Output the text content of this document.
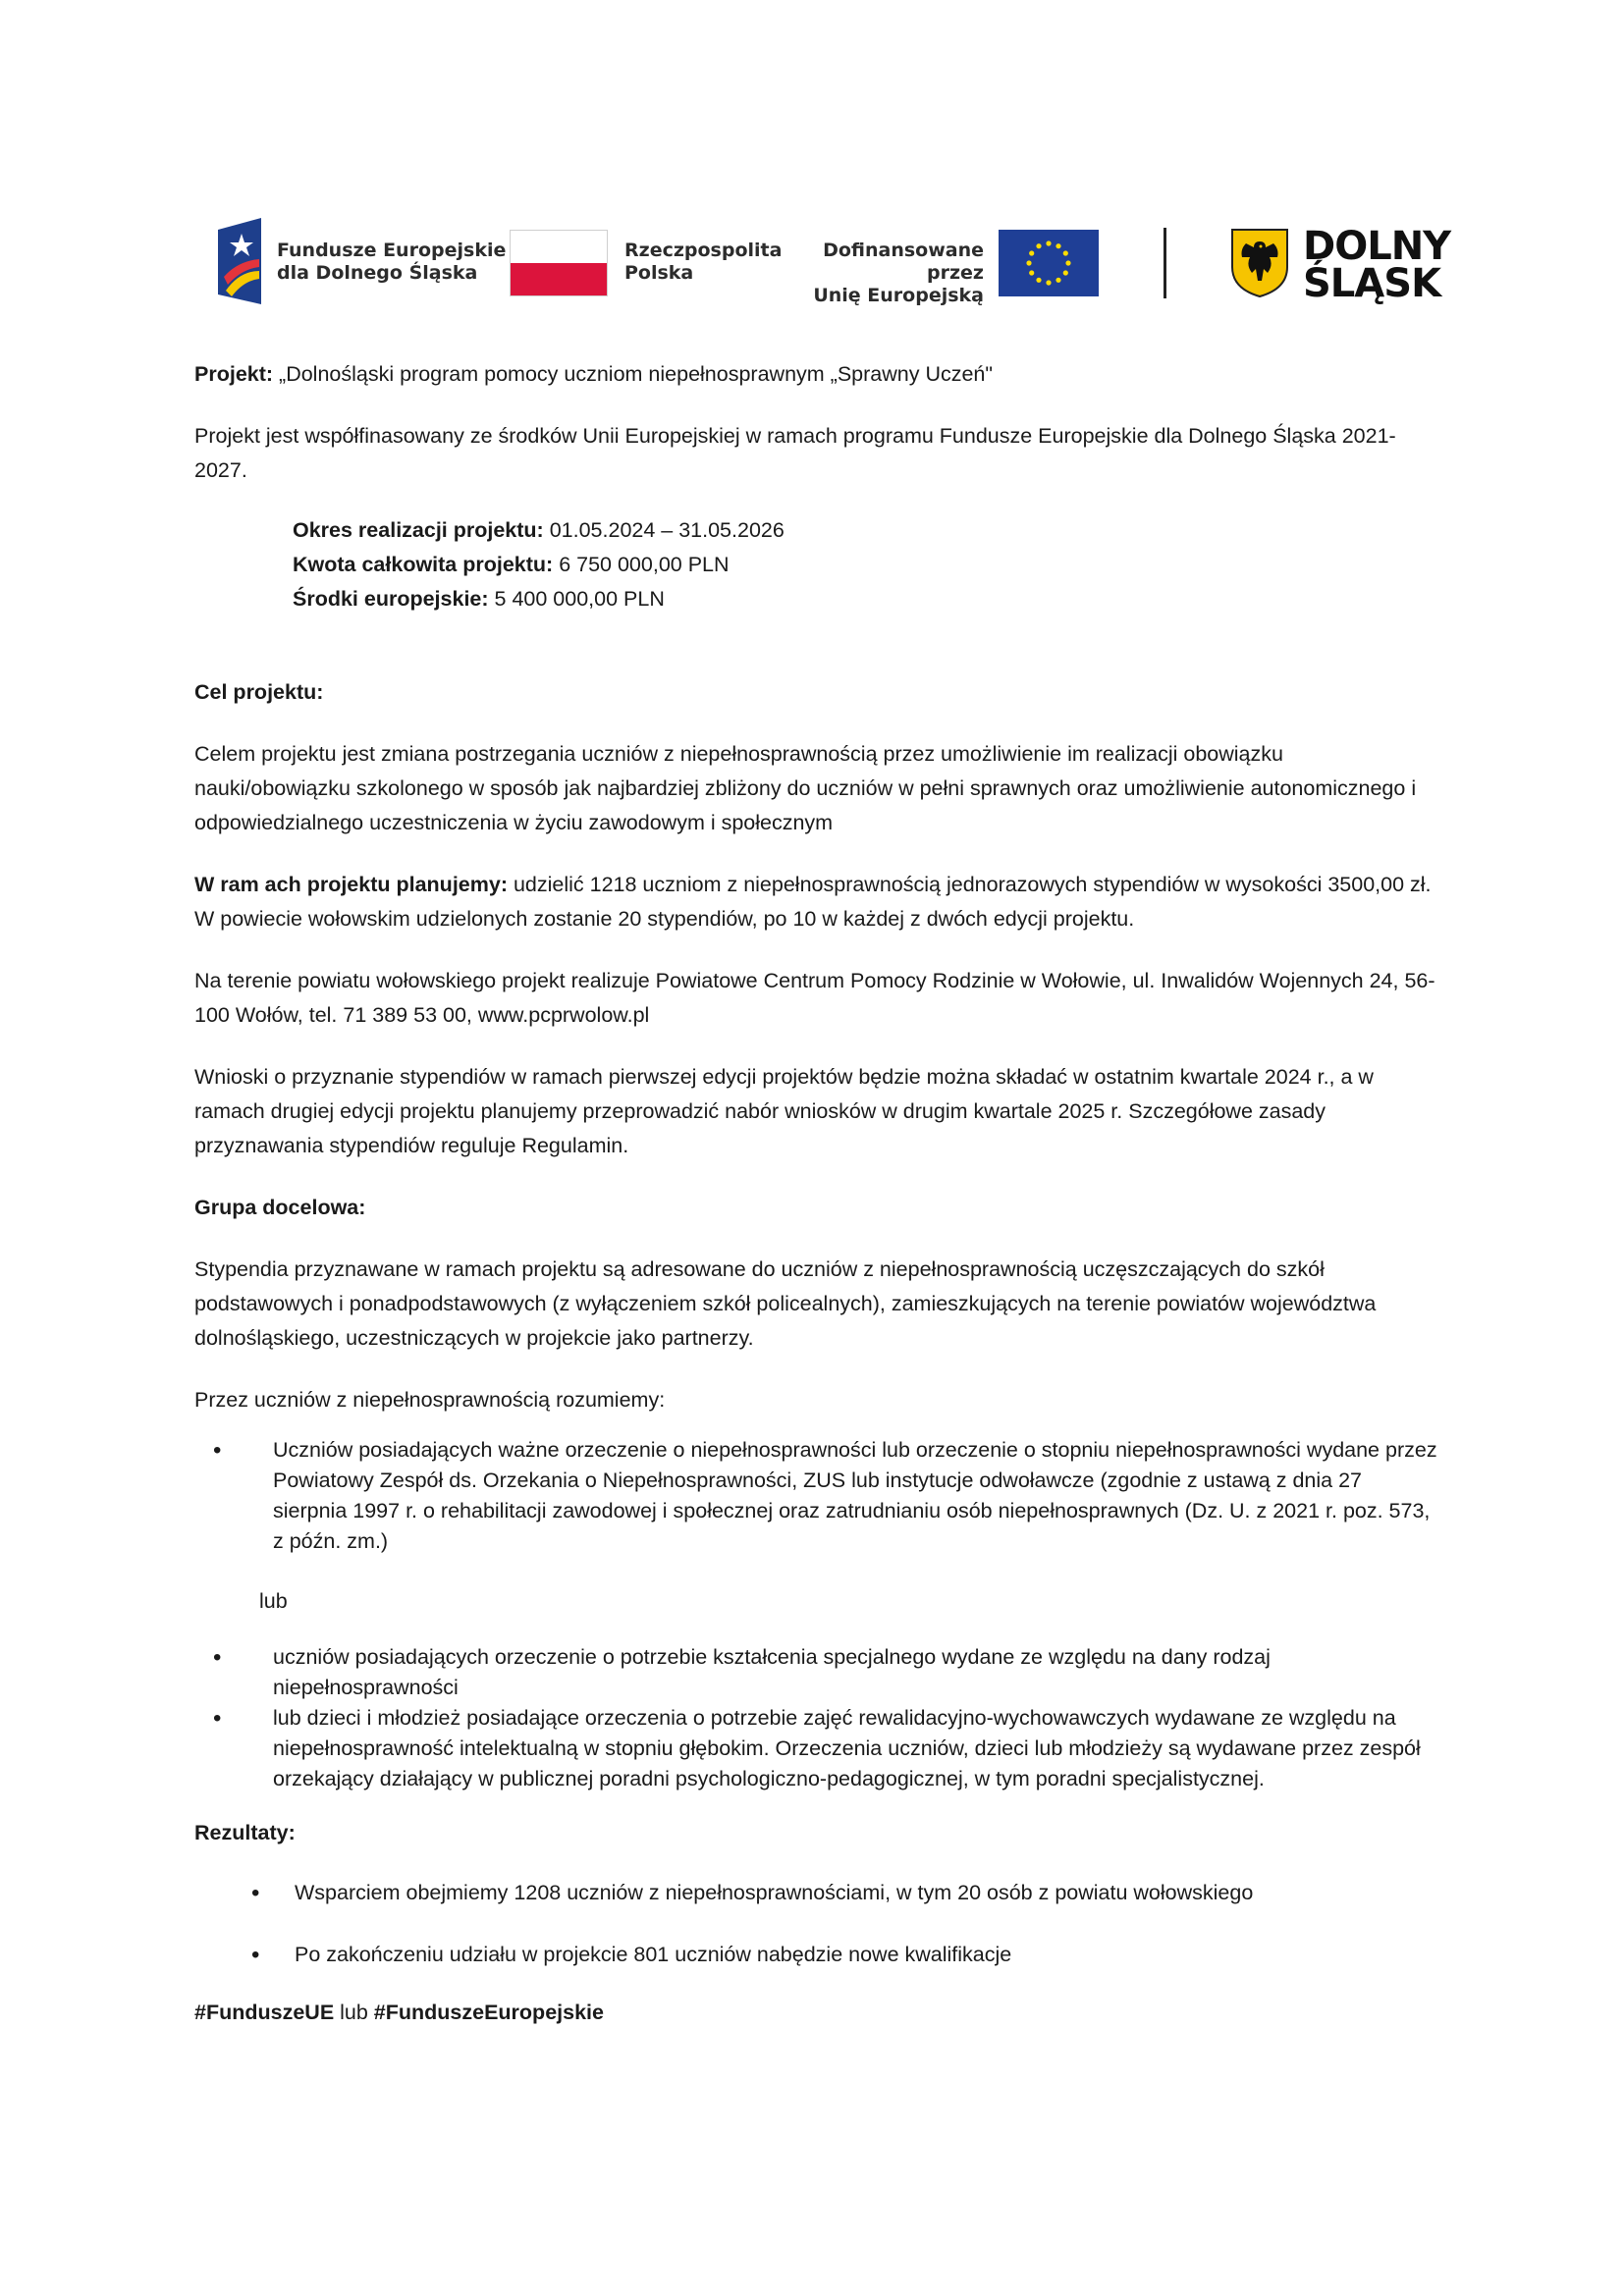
Fundusze Europejskie
dla Dolnego Śląska
Rzeczpospolita
Polska
Dofinansowane przez
Unię Europejską
DOLNY
ŚLĄSK

Projekt: „Dolnośląski program pomocy uczniom niepełnosprawnym „Sprawny Uczeń"

Projekt jest współfinasowany ze środków Unii Europejskiej w ramach programu Fundusze Europejskie dla Dolnego Śląska 2021-2027.

Okres realizacji projektu: 01.05.2024 – 31.05.2026

Kwota całkowita projektu: 6 750 000,00 PLN

Środki europejskie: 5 400 000,00 PLN

Cel projektu:

Celem projektu jest zmiana postrzegania uczniów z niepełnosprawnością przez umożliwienie im realizacji obowiązku nauki/obowiązku szkolonego w sposób jak najbardziej zbliżony do uczniów w pełni sprawnych oraz umożliwienie autonomicznego i odpowiedzialnego uczestniczenia w życiu zawodowym i społecznym

W ram ach projektu planujemy: udzielić 1218 uczniom z niepełnosprawnością jednorazowych stypendiów w wysokości 3500,00 zł. W powiecie wołowskim udzielonych zostanie 20 stypendiów, po 10 w każdej z dwóch edycji projektu.

Na terenie powiatu wołowskiego projekt realizuje Powiatowe Centrum Pomocy Rodzinie w Wołowie, ul. Inwalidów Wojennych 24, 56-100 Wołów, tel. 71 389 53 00, www.pcprwolow.pl

Wnioski o przyznanie stypendiów w ramach pierwszej edycji projektów będzie można składać w ostatnim kwartale 2024 r., a w ramach drugiej edycji projektu planujemy przeprowadzić nabór wniosków w drugim kwartale 2025 r. Szczegółowe zasady przyznawania stypendiów reguluje Regulamin.

Grupa docelowa:

Stypendia przyznawane w ramach projektu są adresowane do uczniów z niepełnosprawnością uczęszczających do szkół podstawowych i ponadpodstawowych (z wyłączeniem szkół policealnych), zamieszkujących na terenie powiatów województwa dolnośląskiego, uczestniczących w projekcie jako partnerzy.

Przez uczniów z niepełnosprawnością rozumiemy:

• Uczniów posiadających ważne orzeczenie o niepełnosprawności lub orzeczenie o stopniu niepełnosprawności wydane przez Powiatowy Zespół ds. Orzekania o Niepełnosprawności, ZUS lub instytucje odwoławcze (zgodnie z ustawą z dnia 27 sierpnia 1997 r. o rehabilitacji zawodowej i społecznej oraz zatrudnianiu osób niepełnosprawnych (Dz. U. z 2021 r. poz. 573, z późn. zm.)

lub

• uczniów posiadających orzeczenie o potrzebie kształcenia specjalnego wydane ze względu na dany rodzaj niepełnosprawności
• lub dzieci i młodzież posiadające orzeczenia o potrzebie zajęć rewalidacyjno-wychowawczych wydawane ze względu na niepełnosprawność intelektualną w stopniu głębokim. Orzeczenia uczniów, dzieci lub młodzieży są wydawane przez zespół orzekający działający w publicznej poradni psychologiczno-pedagogicznej, w tym poradni specjalistycznej.

Rezultaty:

• Wsparciem obejmiemy 1208 uczniów z niepełnosprawnościami, w tym 20 osób z powiatu wołowskiego
• Po zakończeniu udziału w projekcie 801 uczniów nabędzie nowe kwalifikacje

#FunduszeUE lub #FunduszeEuropejskie
